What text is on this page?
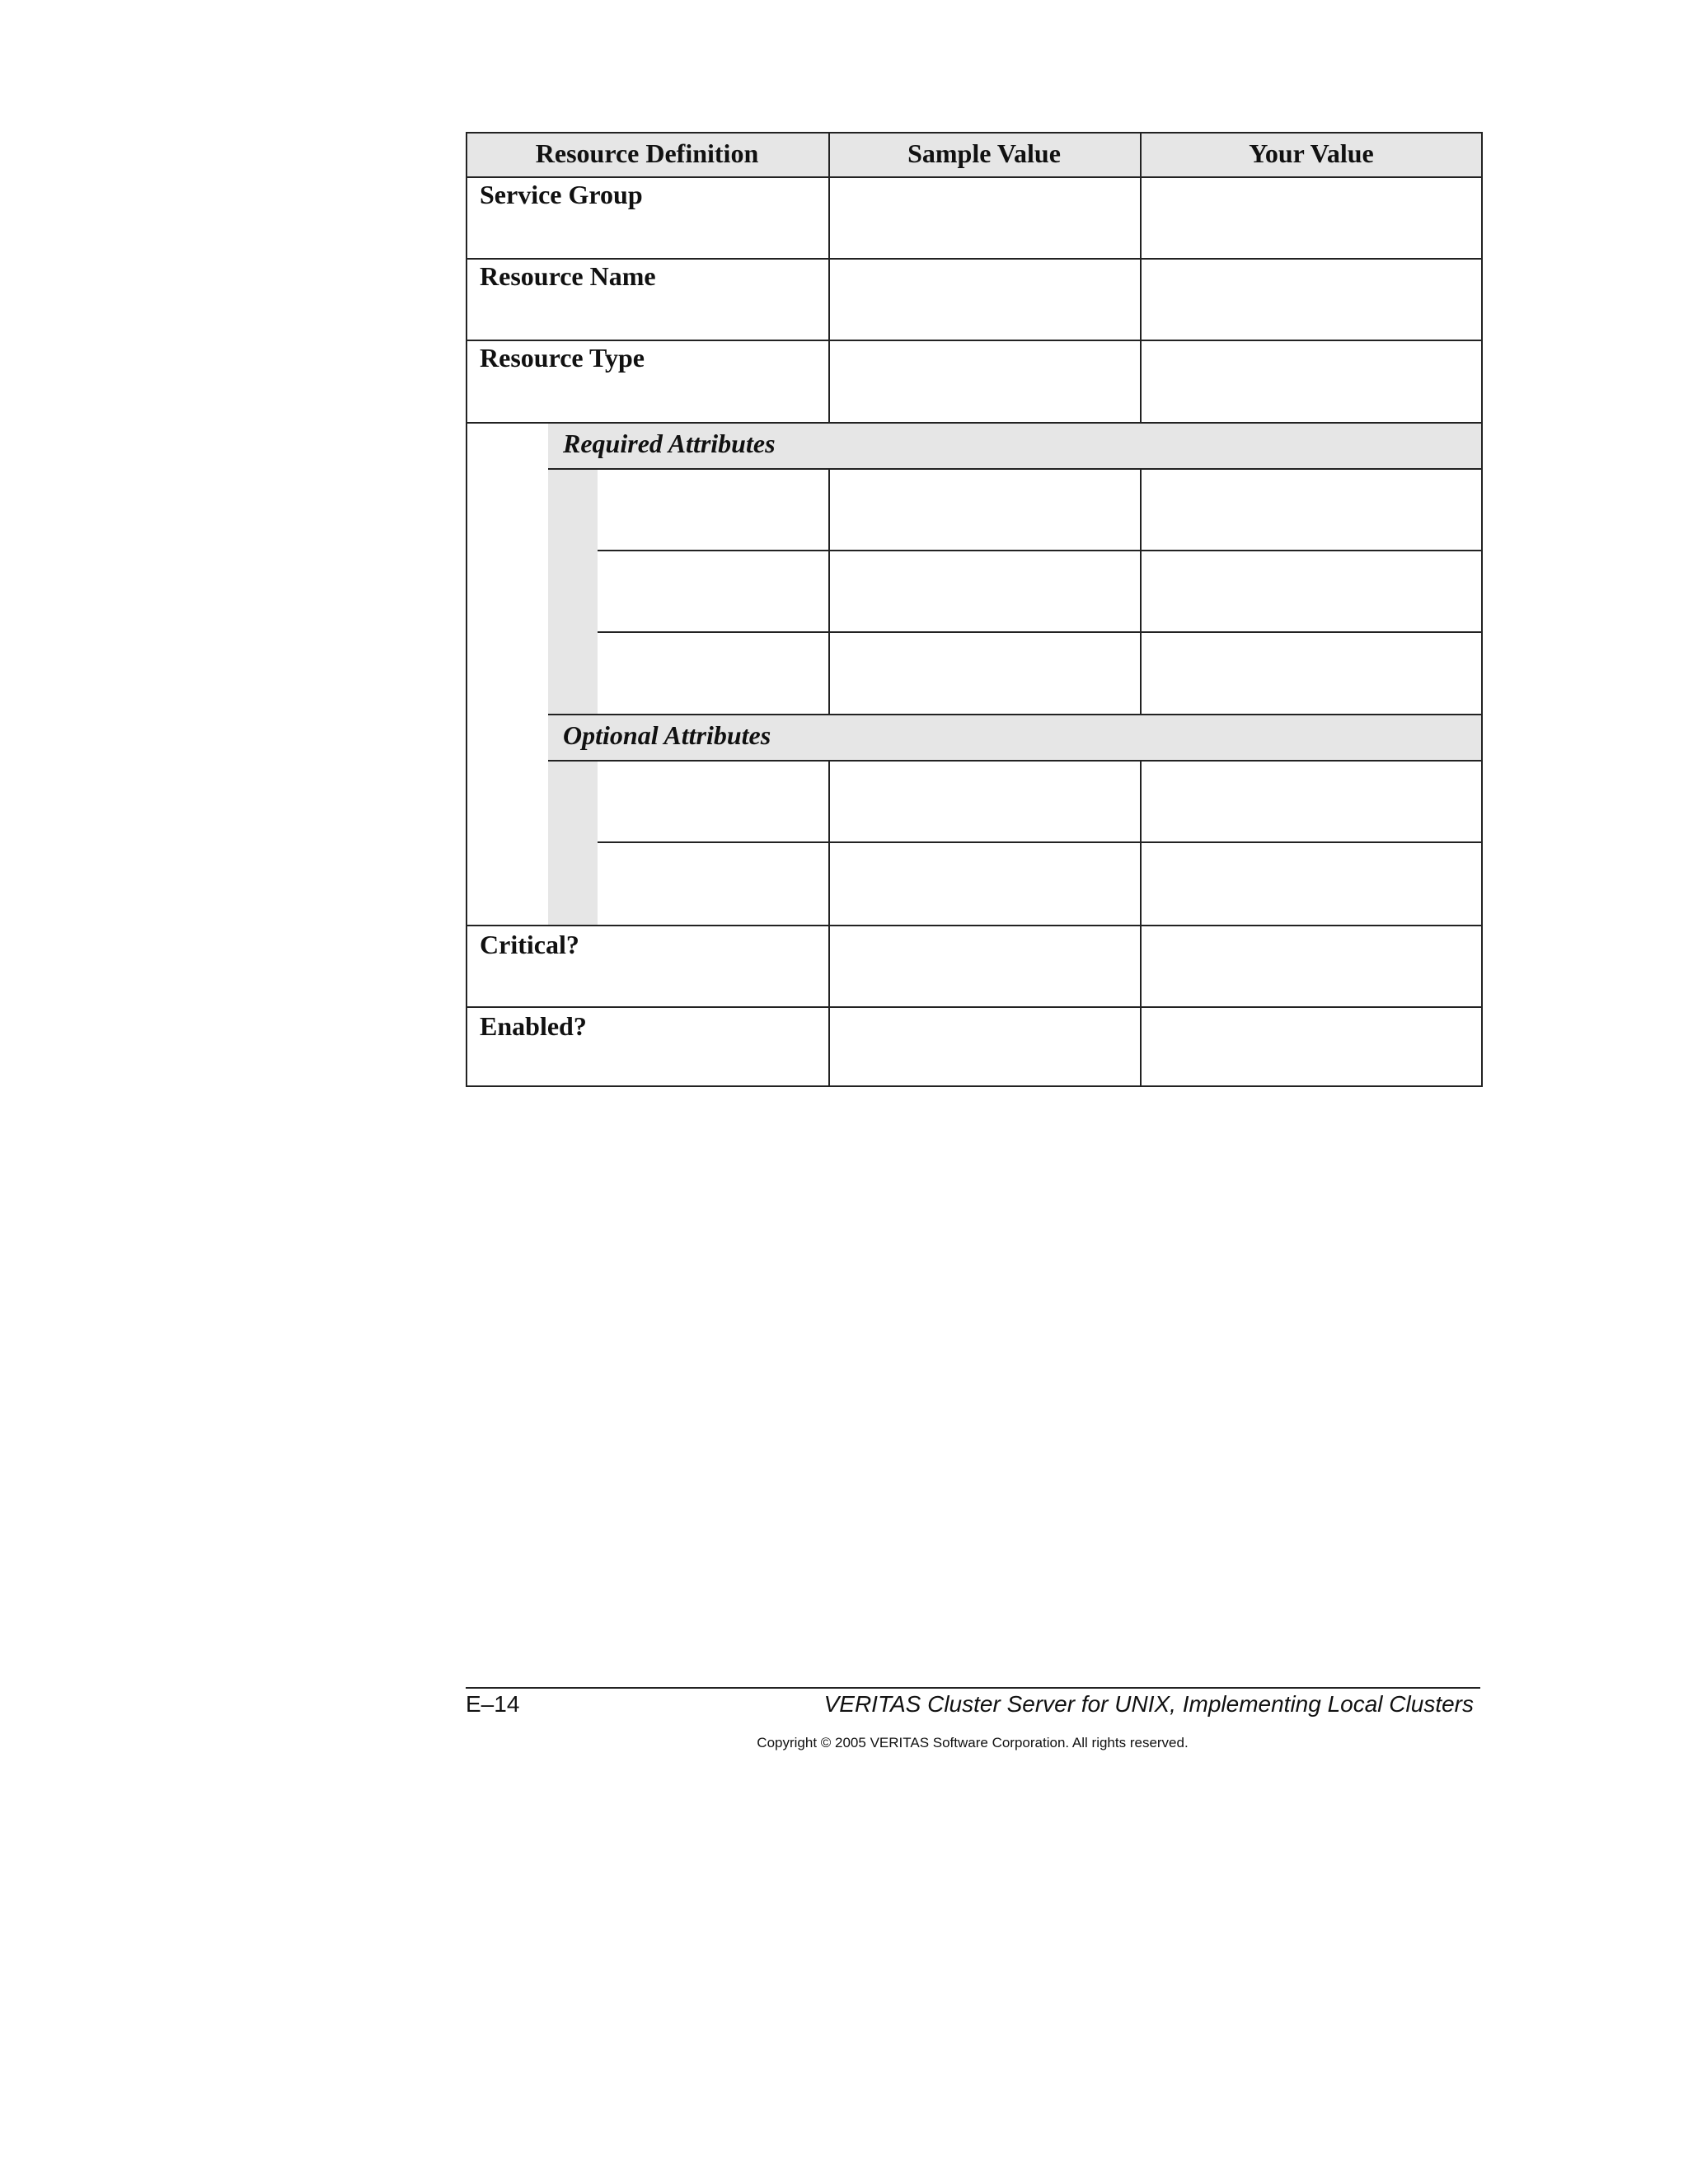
Resource Definition	Sample Value	Your Value
Service Group
Resource Name
Resource Type
Required Attributes
Optional Attributes
Critical?
Enabled?
E–14	VERITAS Cluster Server for UNIX, Implementing Local Clusters
Copyright © 2005 VERITAS Software Corporation. All rights reserved.
